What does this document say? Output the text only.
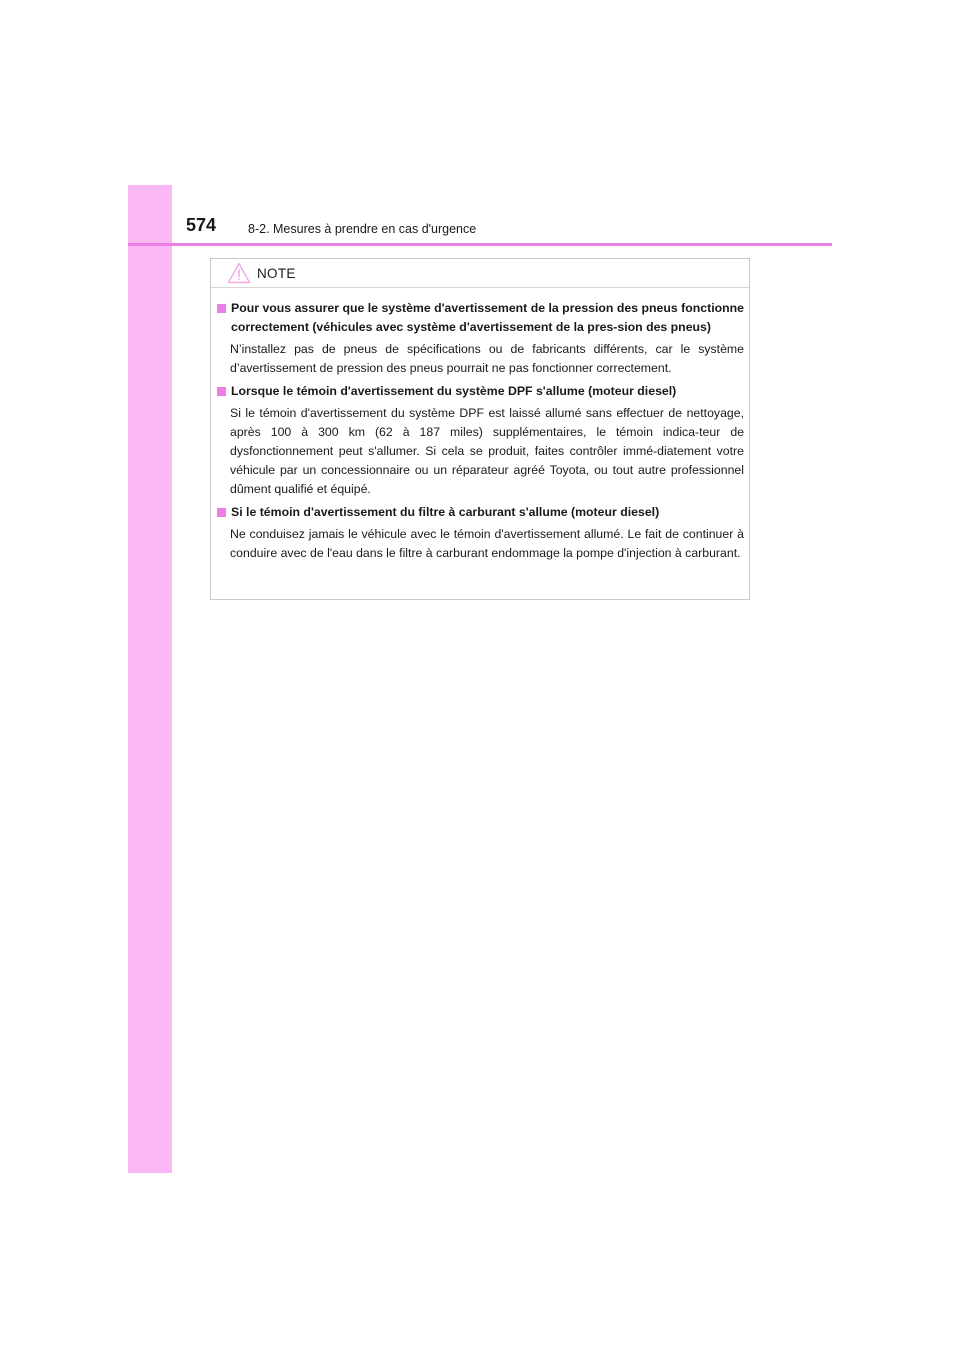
574	8-2. Mesures à prendre en cas d'urgence
NOTE
Pour vous assurer que le système d'avertissement de la pression des pneus fonctionne correctement (véhicules avec système d'avertissement de la pres-sion des pneus)
N’installez pas de pneus de spécifications ou de fabricants différents, car le système d’avertissement de pression des pneus pourrait ne pas fonctionner correctement.
Lorsque le témoin d'avertissement du système DPF s'allume (moteur diesel)
Si le témoin d'avertissement du système DPF est laissé allumé sans effectuer de nettoyage, après 100 à 300 km (62 à 187 miles) supplémentaires, le témoin indica-teur de dysfonctionnement peut s'allumer. Si cela se produit, faites contrôler immé-diatement votre véhicule par un concessionnaire ou un réparateur agréé Toyota, ou tout autre professionnel dûment qualifié et équipé.
Si le témoin d'avertissement du filtre à carburant s'allume (moteur diesel)
Ne conduisez jamais le véhicule avec le témoin d'avertissement allumé. Le fait de continuer à conduire avec de l'eau dans le filtre à carburant endommage la pompe d'injection à carburant.
